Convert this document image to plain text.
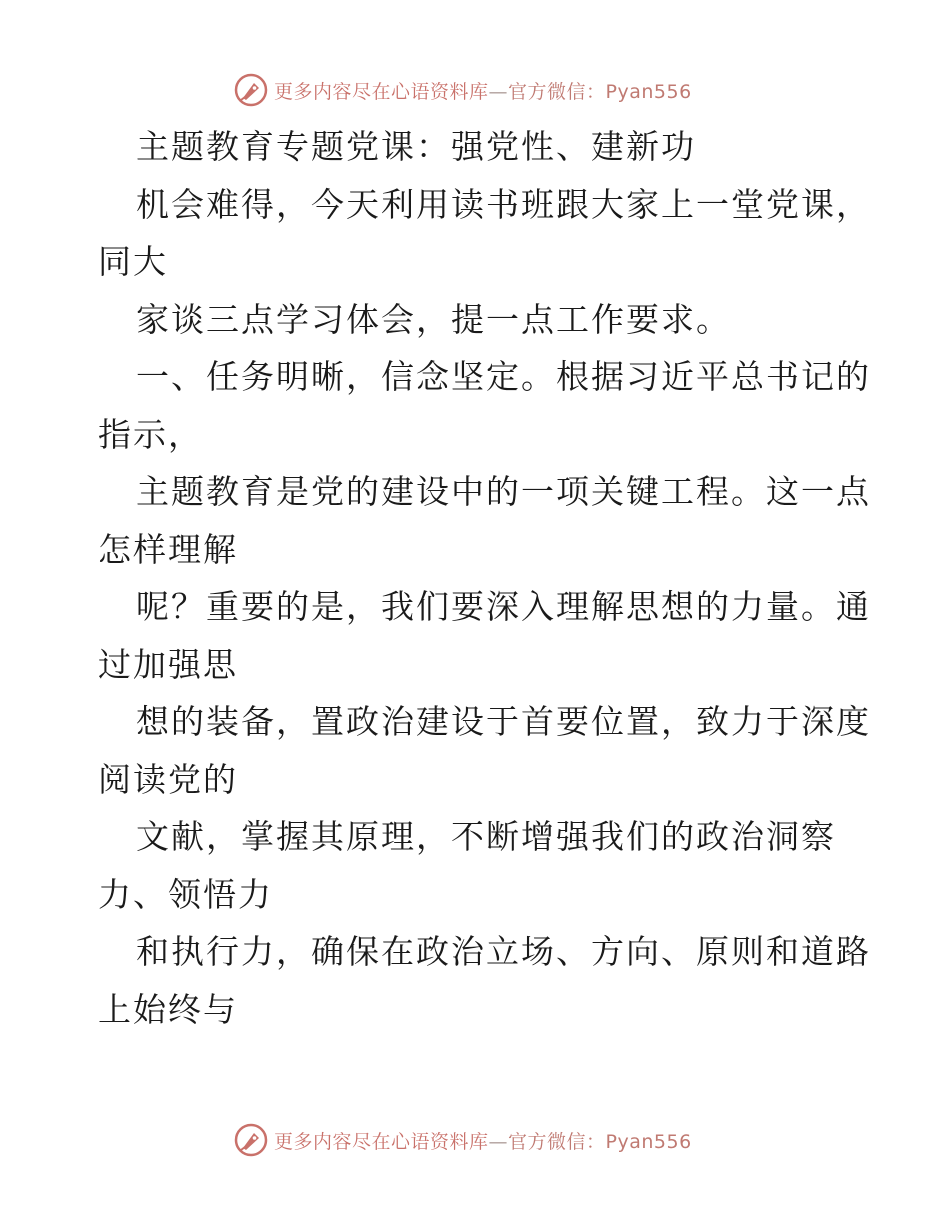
更多内容尽在心语资料库—官方微信：Pyan556
主题教育专题党课：强党性、建新功
机会难得，今天利用读书班跟大家上一堂党课，
同大
家谈三点学习体会，提一点工作要求。
一、任务明晰，信念坚定。根据习近平总书记的
指示，
主题教育是党的建设中的一项关键工程。这一点
怎样理解
呢？重要的是，我们要深入理解思想的力量。通
过加强思
想的装备，置政治建设于首要位置，致力于深度
阅读党的
文献，掌握其原理，不断增强我们的政治洞察
力、领悟力
和执行力，确保在政治立场、方向、原则和道路
上始终与
更多内容尽在心语资料库—官方微信：Pyan556
